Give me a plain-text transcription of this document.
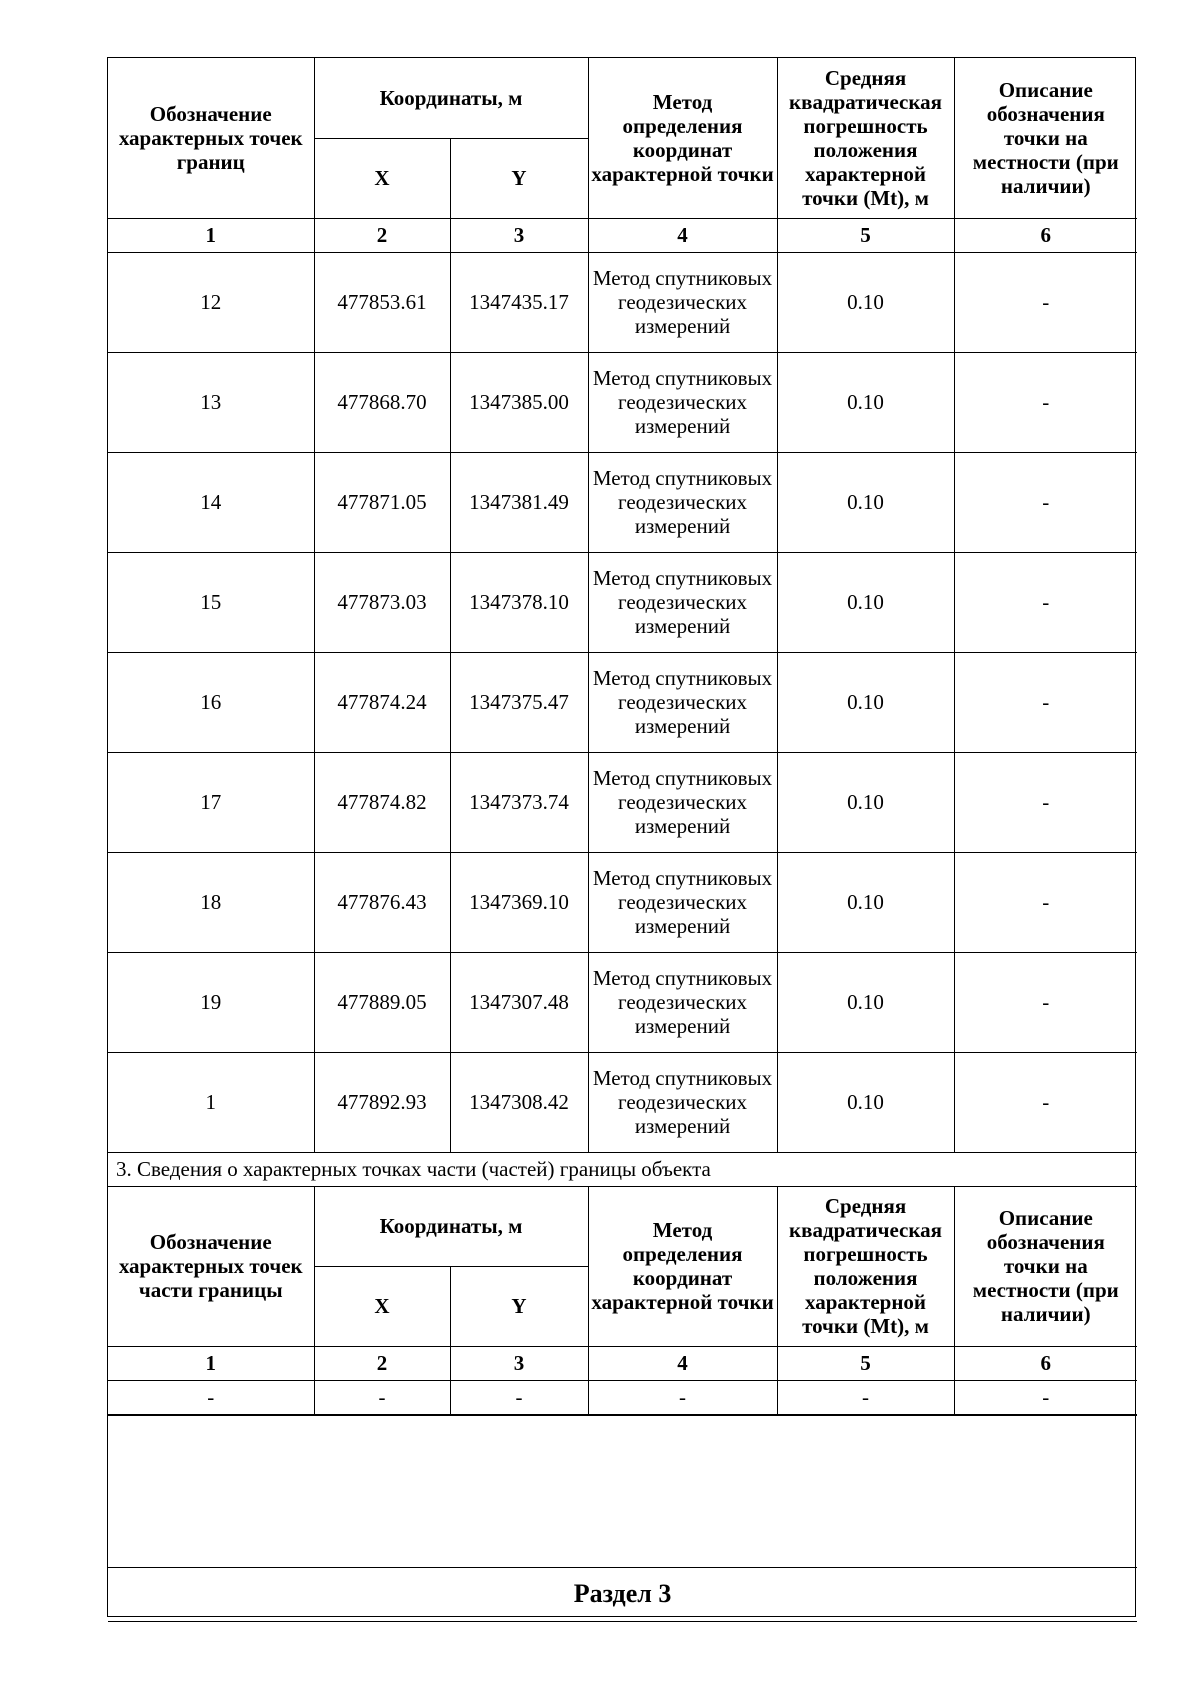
Обозначение характерных точек границ	Координаты, м		Метод определения координат характерной точки	Средняя квадратическая погрешность положения характерной точки (Mt), м	Описание обозначения точки на местности (при наличии)
	X	Y			
1	2	3	4	5	6
12	477853.61	1347435.17	Метод спутниковых геодезических измерений	0.10	-
13	477868.70	1347385.00	Метод спутниковых геодезических измерений	0.10	-
14	477871.05	1347381.49	Метод спутниковых геодезических измерений	0.10	-
15	477873.03	1347378.10	Метод спутниковых геодезических измерений	0.10	-
16	477874.24	1347375.47	Метод спутниковых геодезических измерений	0.10	-
17	477874.82	1347373.74	Метод спутниковых геодезических измерений	0.10	-
18	477876.43	1347369.10	Метод спутниковых геодезических измерений	0.10	-
19	477889.05	1347307.48	Метод спутниковых геодезических измерений	0.10	-
1	477892.93	1347308.42	Метод спутниковых геодезических измерений	0.10	-
3. Сведения о характерных точках части (частей) границы объекта					
Обозначение характерных точек части границы	Координаты, м		Метод определения координат характерной точки	Средняя квадратическая погрешность положения характерной точки (Mt), м	Описание обозначения точки на местности (при наличии)
	X	Y			
1	2	3	4	5	6
-	-	-	-	-	-

Раздел 3					
